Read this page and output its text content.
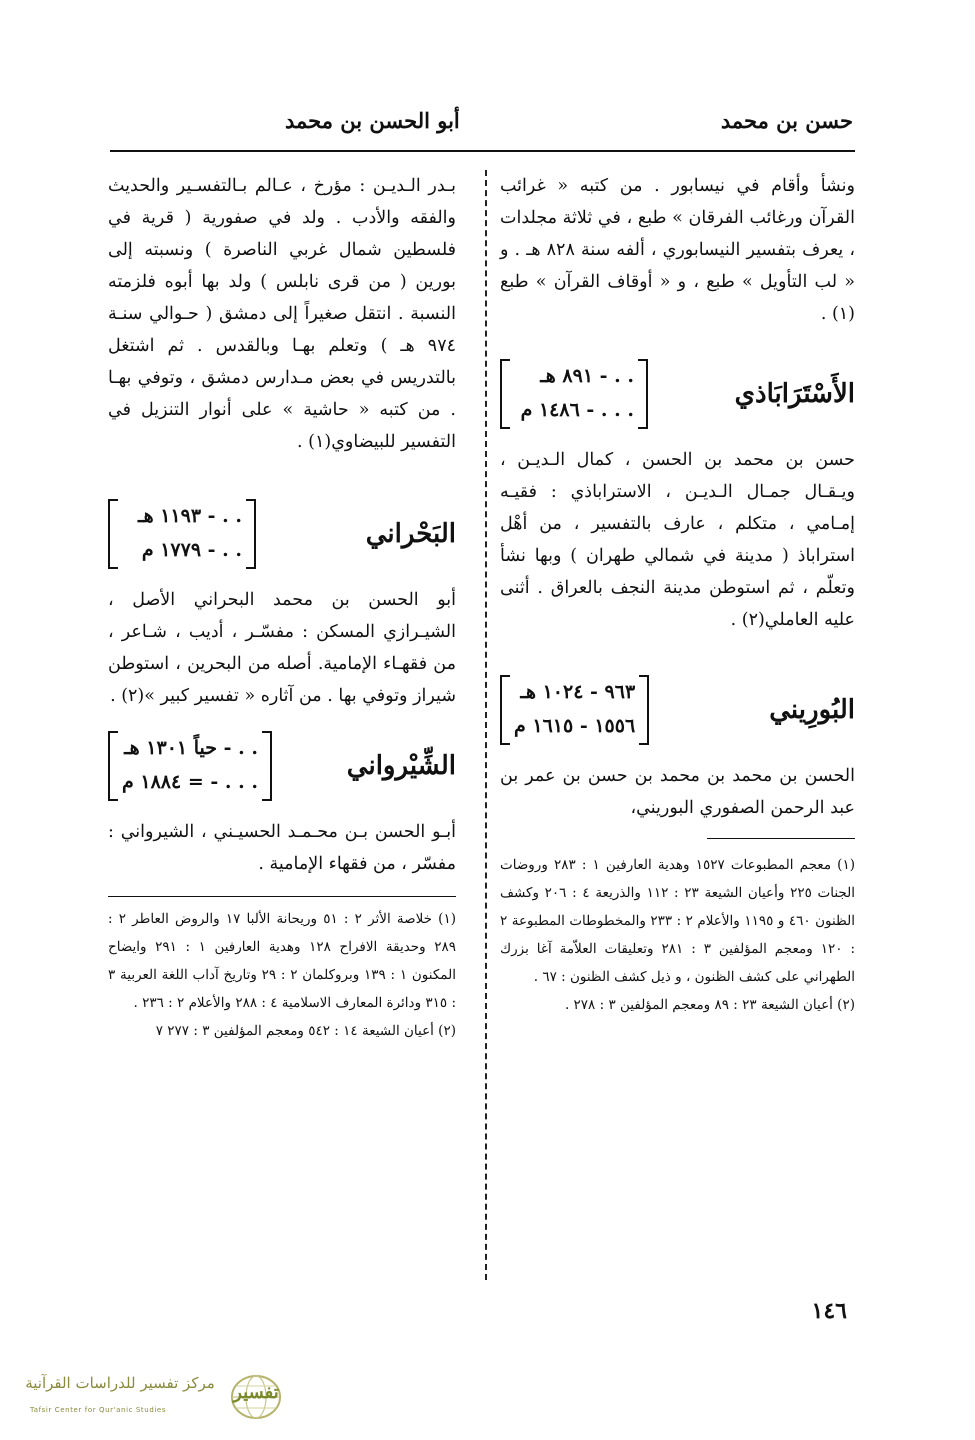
حسن بن محمد
أبو الحسن بن محمد

ونشأ وأقام في نيسابور . من كتبه « غرائب القرآن ورغائب الفرقان » طبع ، في ثلاثة مجلدات ، يعرف بتفسير النيسابوري ، ألفه سنة ٨٢٨ هـ . و « لب التأويل » طبع ، و « أوقاف القرآن » طبع (١) .

الأَسْتَرَابَاذي
. . - ٨٩١ هـ
. . . - ١٤٨٦ م

حسن بن محمد بن الحسن ، كمال الـديـن ، ويـقـال جمـال الـديـن ، الاستراباذي : فقيـه إمـامي ، متكلم ، عارف بالتفسير ، من أهْل استراباذ ( مدينة في شمالي طهران ) وبها نشأ وتعلّم ، ثم استوطن مدينة النجف بالعراق . أثنى عليه العاملي(٢) .

البُورِيني
٩٦٣ - ١٠٢٤ هـ
١٥٥٦ - ١٦١٥ م

الحسن بن محمد بن محمد بن حسن بن عمر بن عبد الرحمن الصفوري البوريني،

(١) معجم المطبوعات ١٥٢٧ وهدية العارفين ١ : ٢٨٣ وروضات الجنات ٢٢٥ وأعيان الشيعة ٢٣ : ١١٢ والذريعة ٤ : ٢٠٦ وكشف الظنون ٤٦٠ و ١١٩٥ والأعلام ٢ : ٢٣٣ والمخطوطات المطبوعة ٢ : ١٢٠ ومعجم المؤلفين ٣ : ٢٨١ وتعليقات العلاّمة آغا بزرك الطهراني على كشف الظنون ، و ذيل كشف الظنون : ٦٧ .

(٢) أعيان الشيعة ٢٣ : ٨٩ ومعجم المؤلفين ٣ : ٢٧٨ .

بـدر الـديـن : مؤرخ ، عـالم بـالتفسـير والحديث والفقه والأدب . ولد في صفورية ( قرية في فلسطين شمال غربي الناصرة ) ونسبته إلى بورين ( من قرى نابلس ) ولد بها أبوه فلزمته النسبة . انتقل صغيراً إلى دمشق ( حـوالي سنـة ٩٧٤ هـ ) وتعلم بهـا وبالقدس . ثم اشتغل بالتدريس في بعض مـدارس دمشق ، وتوفي بهـا . من كتبه « حاشية » على أنوار التنزيل في التفسير للبيضاوي(١) .

البَحْراني
. . - ١١٩٣ هـ
. . - ١٧٧٩ م

أبو الحسن بن محمد البحراني الأصل ، الشيـرازي المسكن : مفسّـر ، أديب ، شـاعر ، من فقهـاء الإمامية. أصله من البحرين ، استوطن شيراز وتوفي بها . من آثاره « تفسير كبير »(٢) .

الشِّيْرواني
. . - حياً ١٣٠١ هـ
. . . - = ١٨٨٤ م

أبـو الحسن بـن محـمـد الحسيـني ، الشيرواني : مفسّر ، من فقهاء الإمامية .

(١) خلاصة الأثر ٢ : ٥١ وريحانة الألبا ١٧ والروض العاطر ٢ : ٢٨٩ وحديقة الافراح ١٢٨ وهدية العارفين ١ : ٢٩١ وايضاح المكنون ١ : ١٣٩ وبروكلمان ٢ : ٢٩ وتاريخ آداب اللغة العربية ٣ : ٣١٥ ودائرة المعارف الاسلامية ٤ : ٢٨٨ والأعلام ٢ : ٢٣٦ .

(٢) أعيان الشيعة ١٤ : ٥٤٢ ومعجم المؤلفين ٣ : ٢٧٧ ٧

١٤٦
مركز تفسير للدراسات القرآنية
Tafsir Center for Qur'anic Studies
تفسير
